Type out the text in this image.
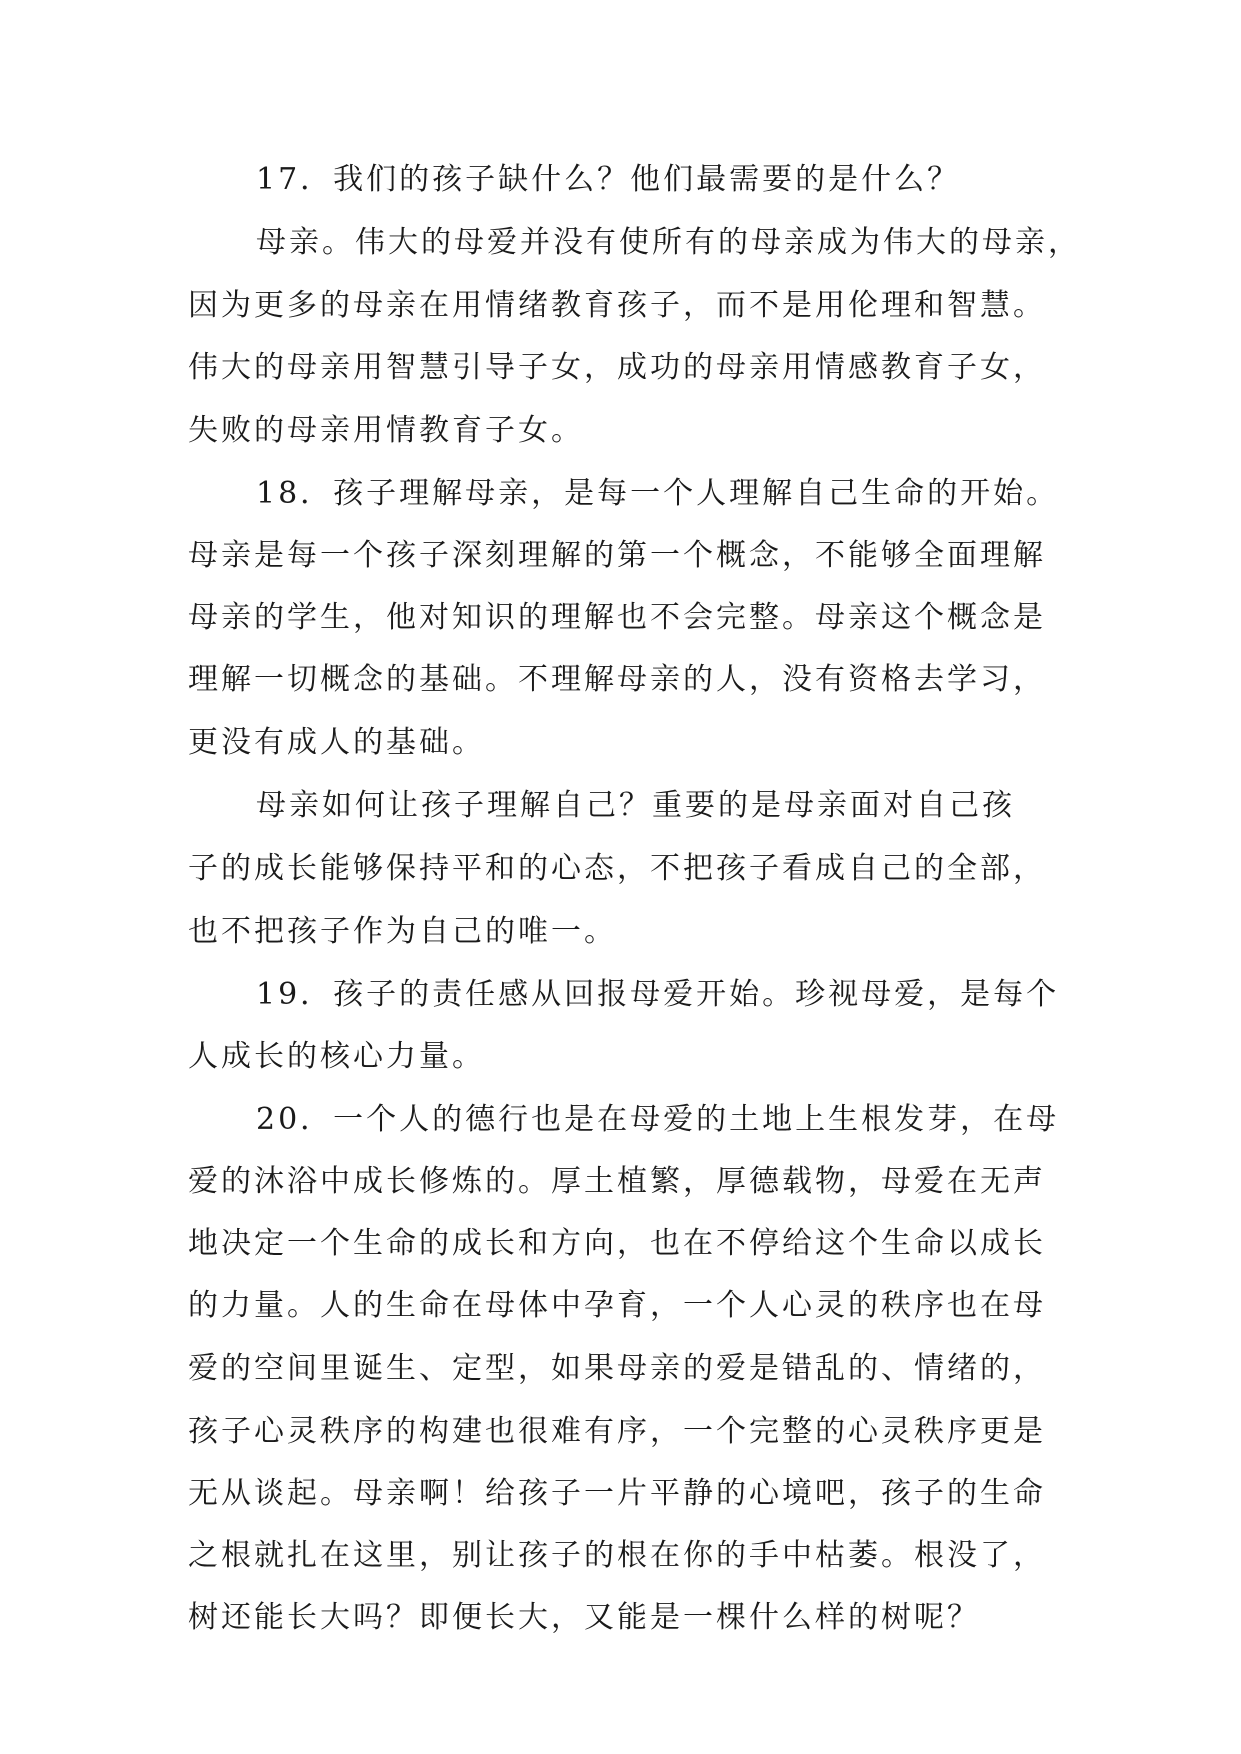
17．我们的孩子缺什么？他们最需要的是什么？
母亲。伟大的母爱并没有使所有的母亲成为伟大的母亲，
因为更多的母亲在用情绪教育孩子，而不是用伦理和智慧。
伟大的母亲用智慧引导子女，成功的母亲用情感教育子女，
失败的母亲用情教育子女。
18．孩子理解母亲，是每一个人理解自己生命的开始。
母亲是每一个孩子深刻理解的第一个概念，不能够全面理解
母亲的学生，他对知识的理解也不会完整。母亲这个概念是
理解一切概念的基础。不理解母亲的人，没有资格去学习，
更没有成人的基础。
母亲如何让孩子理解自己？重要的是母亲面对自己孩
子的成长能够保持平和的心态，不把孩子看成自己的全部，
也不把孩子作为自己的唯一。
19．孩子的责任感从回报母爱开始。珍视母爱，是每个
人成长的核心力量。
20．一个人的德行也是在母爱的土地上生根发芽，在母
爱的沐浴中成长修炼的。厚土植繁，厚德载物，母爱在无声
地决定一个生命的成长和方向，也在不停给这个生命以成长
的力量。人的生命在母体中孕育，一个人心灵的秩序也在母
爱的空间里诞生、定型，如果母亲的爱是错乱的、情绪的，
孩子心灵秩序的构建也很难有序，一个完整的心灵秩序更是
无从谈起。母亲啊！给孩子一片平静的心境吧，孩子的生命
之根就扎在这里，别让孩子的根在你的手中枯萎。根没了，
树还能长大吗？即便长大，又能是一棵什么样的树呢？
